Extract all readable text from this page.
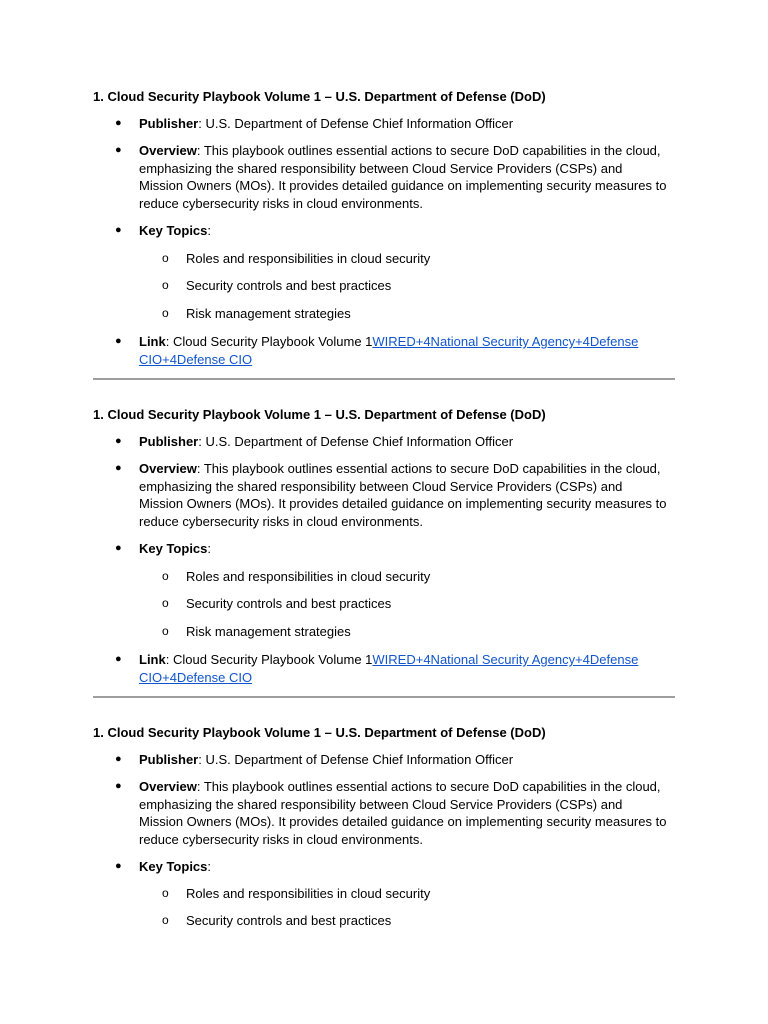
1. Cloud Security Playbook Volume 1 – U.S. Department of Defense (DoD)
● Publisher: U.S. Department of Defense Chief Information Officer
● Overview: This playbook outlines essential actions to secure DoD capabilities in the cloud, emphasizing the shared responsibility between Cloud Service Providers (CSPs) and Mission Owners (MOs). It provides detailed guidance on implementing security measures to reduce cybersecurity risks in cloud environments.
● Key Topics:
o Roles and responsibilities in cloud security
o Security controls and best practices
o Risk management strategies
● Link: Cloud Security Playbook Volume 1WIRED+4National Security Agency+4Defense CIO+4Defense CIO
1. Cloud Security Playbook Volume 1 – U.S. Department of Defense (DoD)
● Publisher: U.S. Department of Defense Chief Information Officer
● Overview: This playbook outlines essential actions to secure DoD capabilities in the cloud, emphasizing the shared responsibility between Cloud Service Providers (CSPs) and Mission Owners (MOs). It provides detailed guidance on implementing security measures to reduce cybersecurity risks in cloud environments.
● Key Topics:
o Roles and responsibilities in cloud security
o Security controls and best practices
o Risk management strategies
● Link: Cloud Security Playbook Volume 1WIRED+4National Security Agency+4Defense CIO+4Defense CIO
1. Cloud Security Playbook Volume 1 – U.S. Department of Defense (DoD)
● Publisher: U.S. Department of Defense Chief Information Officer
● Overview: This playbook outlines essential actions to secure DoD capabilities in the cloud, emphasizing the shared responsibility between Cloud Service Providers (CSPs) and Mission Owners (MOs). It provides detailed guidance on implementing security measures to reduce cybersecurity risks in cloud environments.
● Key Topics:
o Roles and responsibilities in cloud security
o Security controls and best practices
